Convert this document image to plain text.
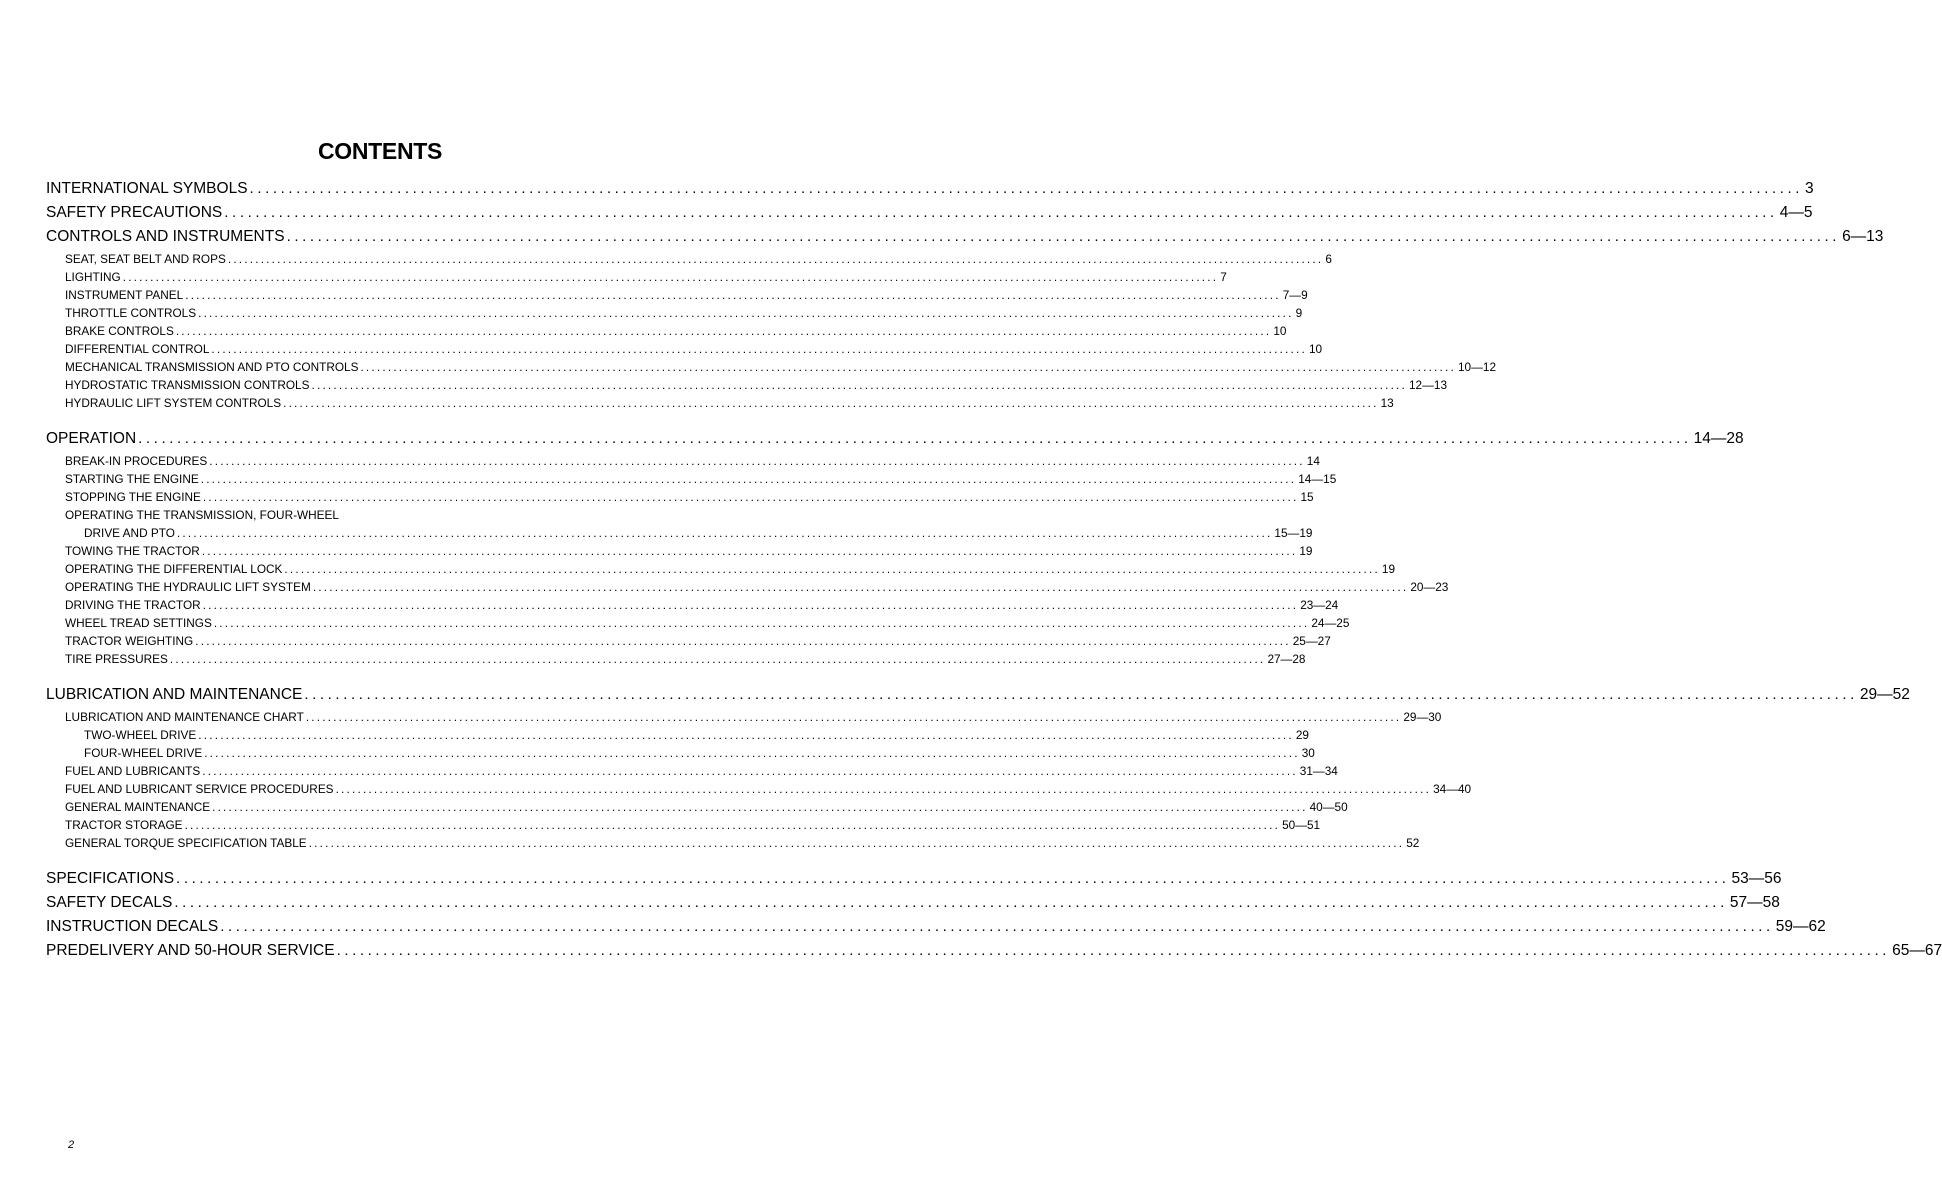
CONTENTS
INTERNATIONAL SYMBOLS ........................................................................................................................................................................................................ 3
SAFETY PRECAUTIONS ........................................................................................................................................................................................................ 4—5
CONTROLS AND INSTRUMENTS ........................................................................................................................................................................................................ 6—13
SEAT, SEAT BELT AND ROPS ........................................................................................................................................................................................................ 6
LIGHTING ........................................................................................................................................................................................................ 7
INSTRUMENT PANEL ........................................................................................................................................................................................................ 7—9
THROTTLE CONTROLS ........................................................................................................................................................................................................ 9
BRAKE CONTROLS ........................................................................................................................................................................................................ 10
DIFFERENTIAL CONTROL ........................................................................................................................................................................................................ 10
MECHANICAL TRANSMISSION AND PTO CONTROLS ........................................................................................................................................................................................................ 10—12
HYDROSTATIC TRANSMISSION CONTROLS ........................................................................................................................................................................................................ 12—13
HYDRAULIC LIFT SYSTEM CONTROLS ........................................................................................................................................................................................................ 13
OPERATION ........................................................................................................................................................................................................ 14—28
BREAK-IN PROCEDURES ........................................................................................................................................................................................................ 14
STARTING THE ENGINE ........................................................................................................................................................................................................ 14—15
STOPPING THE ENGINE ........................................................................................................................................................................................................ 15
OPERATING THE TRANSMISSION, FOUR-WHEEL
DRIVE AND PTO ........................................................................................................................................................................................................ 15—19
TOWING THE TRACTOR ........................................................................................................................................................................................................ 19
OPERATING THE DIFFERENTIAL LOCK ........................................................................................................................................................................................................ 19
OPERATING THE HYDRAULIC LIFT SYSTEM ........................................................................................................................................................................................................ 20—23
DRIVING THE TRACTOR ........................................................................................................................................................................................................ 23—24
WHEEL TREAD SETTINGS ........................................................................................................................................................................................................ 24—25
TRACTOR WEIGHTING ........................................................................................................................................................................................................ 25—27
TIRE PRESSURES ........................................................................................................................................................................................................ 27—28
LUBRICATION AND MAINTENANCE ........................................................................................................................................................................................................ 29—52
LUBRICATION AND MAINTENANCE CHART ........................................................................................................................................................................................................ 29—30
TWO-WHEEL DRIVE ........................................................................................................................................................................................................ 29
FOUR-WHEEL DRIVE ........................................................................................................................................................................................................ 30
FUEL AND LUBRICANTS ........................................................................................................................................................................................................ 31—34
FUEL AND LUBRICANT SERVICE PROCEDURES ........................................................................................................................................................................................................ 34—40
GENERAL MAINTENANCE ........................................................................................................................................................................................................ 40—50
TRACTOR STORAGE ........................................................................................................................................................................................................ 50—51
GENERAL TORQUE SPECIFICATION TABLE ........................................................................................................................................................................................................ 52
SPECIFICATIONS ........................................................................................................................................................................................................ 53—56
SAFETY DECALS ........................................................................................................................................................................................................ 57—58
INSTRUCTION DECALS ........................................................................................................................................................................................................ 59—62
PREDELIVERY AND 50-HOUR SERVICE ........................................................................................................................................................................................................ 65—67
2
